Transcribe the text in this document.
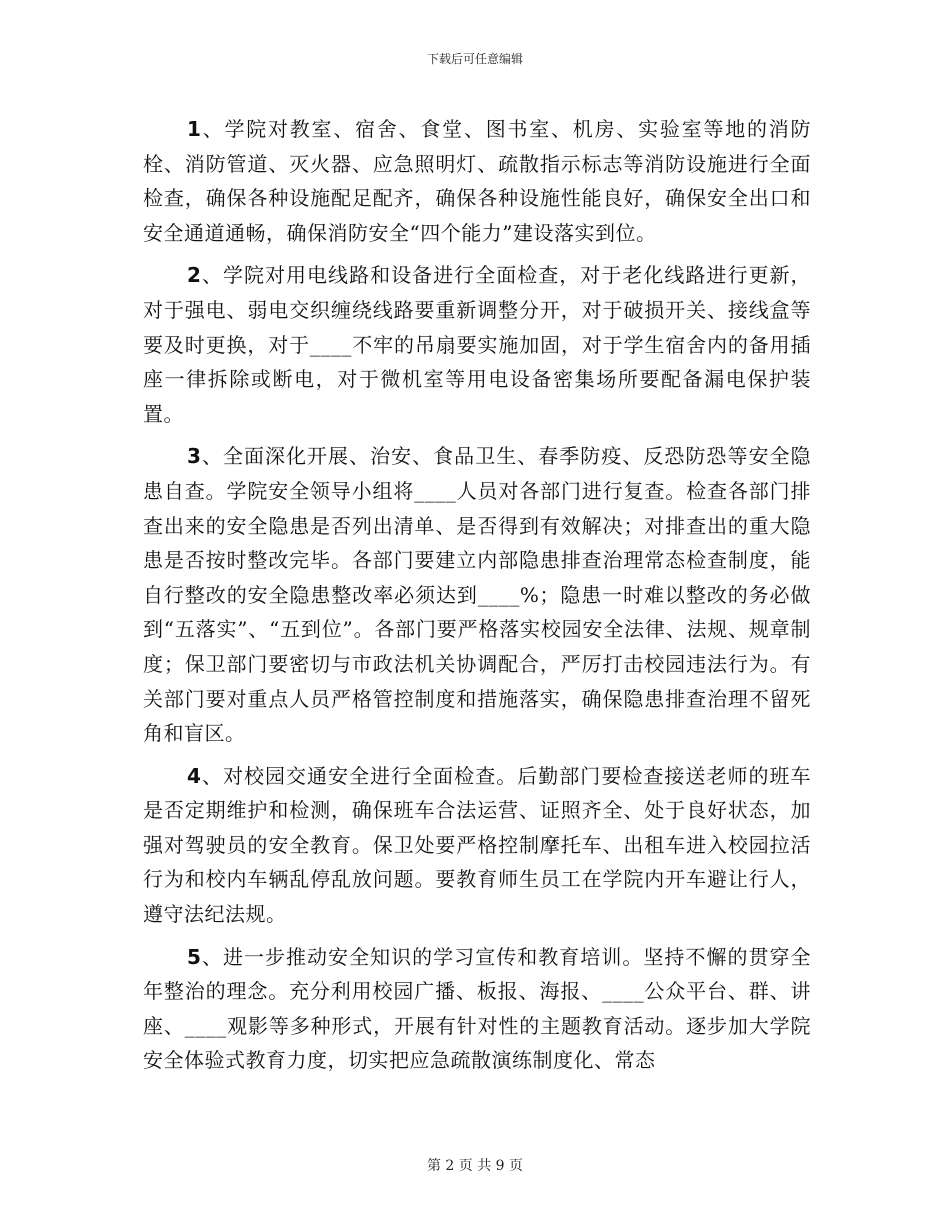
下载后可任意编辑

1、学院对教室、宿舍、食堂、图书室、机房、实验室等地的消防栓、消防管道、灭火器、应急照明灯、疏散指示标志等消防设施进行全面检查，确保各种设施配足配齐，确保各种设施性能良好，确保安全出口和安全通道通畅，确保消防安全“四个能力”建设落实到位。

2、学院对用电线路和设备进行全面检查，对于老化线路进行更新，对于强电、弱电交织缠绕线路要重新调整分开，对于破损开关、接线盒等要及时更换，对于____不牢的吊扇要实施加固，对于学生宿舍内的备用插座一律拆除或断电，对于微机室等用电设备密集场所要配备漏电保护装置。

3、全面深化开展、治安、食品卫生、春季防疫、反恐防恐等安全隐患自查。学院安全领导小组将____人员对各部门进行复查。检查各部门排查出来的安全隐患是否列出清单、是否得到有效解决；对排查出的重大隐患是否按时整改完毕。各部门要建立内部隐患排查治理常态检查制度，能自行整改的安全隐患整改率必须达到____%；隐患一时难以整改的务必做到“五落实”、“五到位”。各部门要严格落实校园安全法律、法规、规章制度；保卫部门要密切与市政法机关协调配合，严厉打击校园违法行为。有关部门要对重点人员严格管控制度和措施落实，确保隐患排查治理不留死角和盲区。

4、对校园交通安全进行全面检查。后勤部门要检查接送老师的班车是否定期维护和检测，确保班车合法运营、证照齐全、处于良好状态，加强对驾驶员的安全教育。保卫处要严格控制摩托车、出租车进入校园拉活行为和校内车辆乱停乱放问题。要教育师生员工在学院内开车避让行人，遵守法纪法规。

5、进一步推动安全知识的学习宣传和教育培训。坚持不懈的贯穿全年整治的理念。充分利用校园广播、板报、海报、____公众平台、群、讲座、____观影等多种形式，开展有针对性的主题教育活动。逐步加大学院安全体验式教育力度，切实把应急疏散演练制度化、常态

第 2 页 共 9 页
